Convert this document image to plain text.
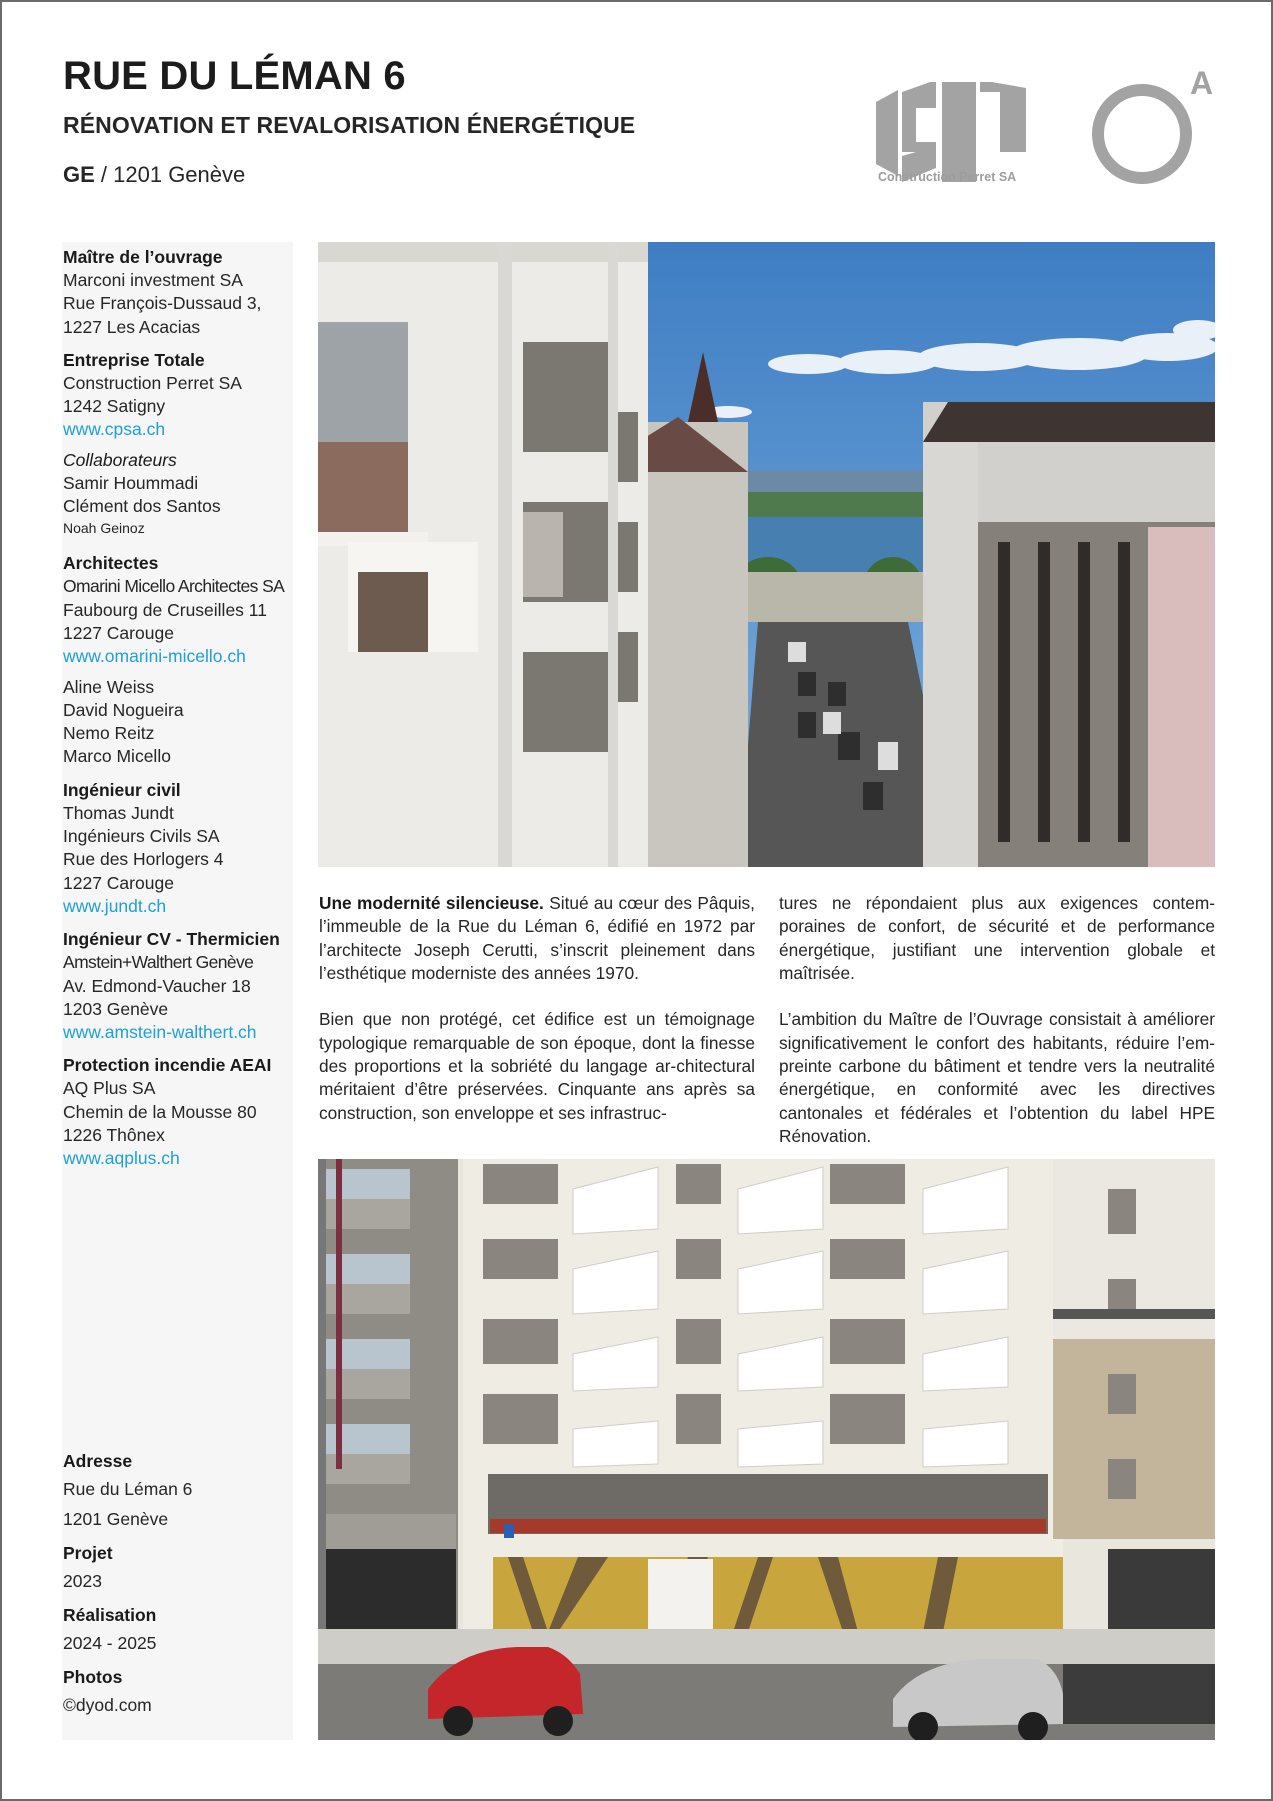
RUE DU LÉMAN 6
RÉNOVATION ET REVALORISATION ÉNERGÉTIQUE
GE / 1201 Genève	Construction Perret SA
A
Maître de l’ouvrage
Marconi investment SA
Rue François-Dussaud 3,
1227 Les Acacias
Entreprise Totale
Construction Perret SA
1242 Satigny
www.cpsa.ch
Collaborateurs
Samir Hoummadi
Clément dos Santos
Noah Geinoz
Architectes
Omarini Micello Architectes SA
Faubourg de Cruseilles 11
1227 Carouge
www.omarini-micello.ch
Aline Weiss
David Nogueira
Nemo Reitz
Marco Micello
Ingénieur civil
Thomas Jundt
Ingénieurs Civils SA
Rue des Horlogers 4
1227 Carouge
www.jundt.ch
Ingénieur CV - Thermicien
Amstein+Walthert Genève
Av. Edmond-Vaucher 18
1203 Genève
www.amstein-walthert.ch
Protection incendie AEAI
AQ Plus SA
Chemin de la Mousse 80
1226 Thônex
www.aqplus.ch
Adresse
Rue du Léman 6
1201 Genève
Projet
2023
Réalisation
2024 - 2025
Photos
©dyod.com

Une modernité silencieuse. Situé au cœur des Pâquis, l’immeuble de la Rue du Léman 6, édifié en 1972 par l’architecte Joseph Cerutti, s’inscrit pleinement dans l’esthétique moderniste des années 1970.

Bien que non protégé, cet édifice est un témoignage typologique remarquable de son époque, dont la finesse des proportions et la sobriété du langage ar-chitectural méritaient d’être préservées. Cinquante ans après sa construction, son enveloppe et ses infrastruc-

tures ne répondaient plus aux exigences contem-poraines de confort, de sécurité et de performance énergétique, justifiant une intervention globale et maîtrisée.

L’ambition du Maître de l’Ouvrage consistait à améliorer significativement le confort des habitants, réduire l’em-preinte carbone du bâtiment et tendre vers la neutralité énergétique, en conformité avec les directives cantonales et fédérales et l’obtention du label HPE Rénovation.
